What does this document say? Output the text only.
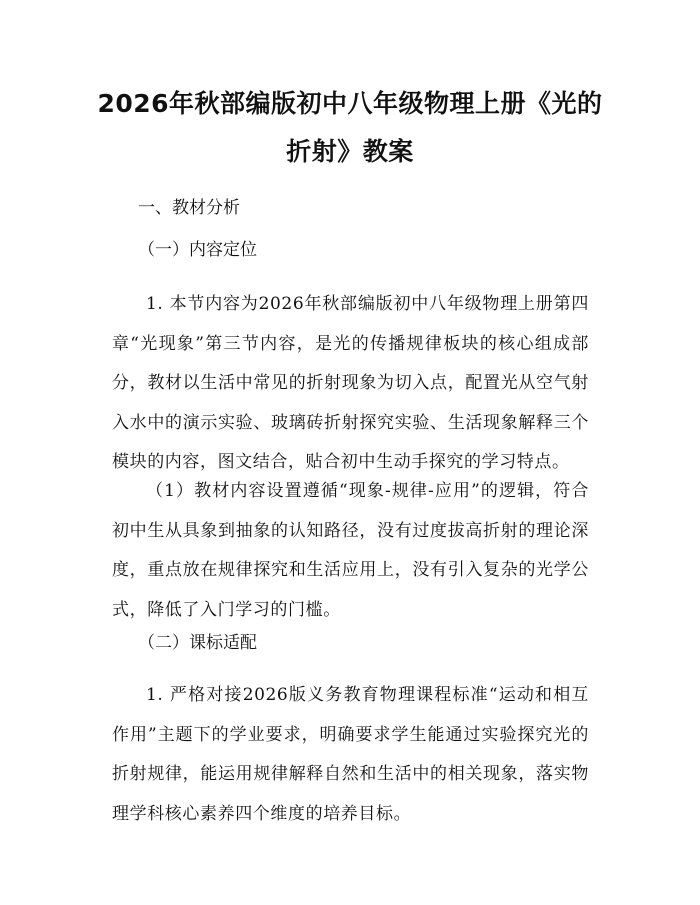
2026年秋部编版初中八年级物理上册《光的折射》教案

一、教材分析

（一）内容定位

1. 本节内容为2026年秋部编版初中八年级物理上册第四章“光现象”第三节内容，是光的传播规律板块的核心组成部分，教材以生活中常见的折射现象为切入点，配置光从空气射入水中的演示实验、玻璃砖折射探究实验、生活现象解释三个模块的内容，图文结合，贴合初中生动手探究的学习特点。

（1）教材内容设置遵循“现象-规律-应用”的逻辑，符合初中生从具象到抽象的认知路径，没有过度拔高折射的理论深度，重点放在规律探究和生活应用上，没有引入复杂的光学公式，降低了入门学习的门槛。

（二）课标适配

1. 严格对接2026版义务教育物理课程标准“运动和相互作用”主题下的学业要求，明确要求学生能通过实验探究光的折射规律，能运用规律解释自然和生活中的相关现象，落实物理学科核心素养四个维度的培养目标。
